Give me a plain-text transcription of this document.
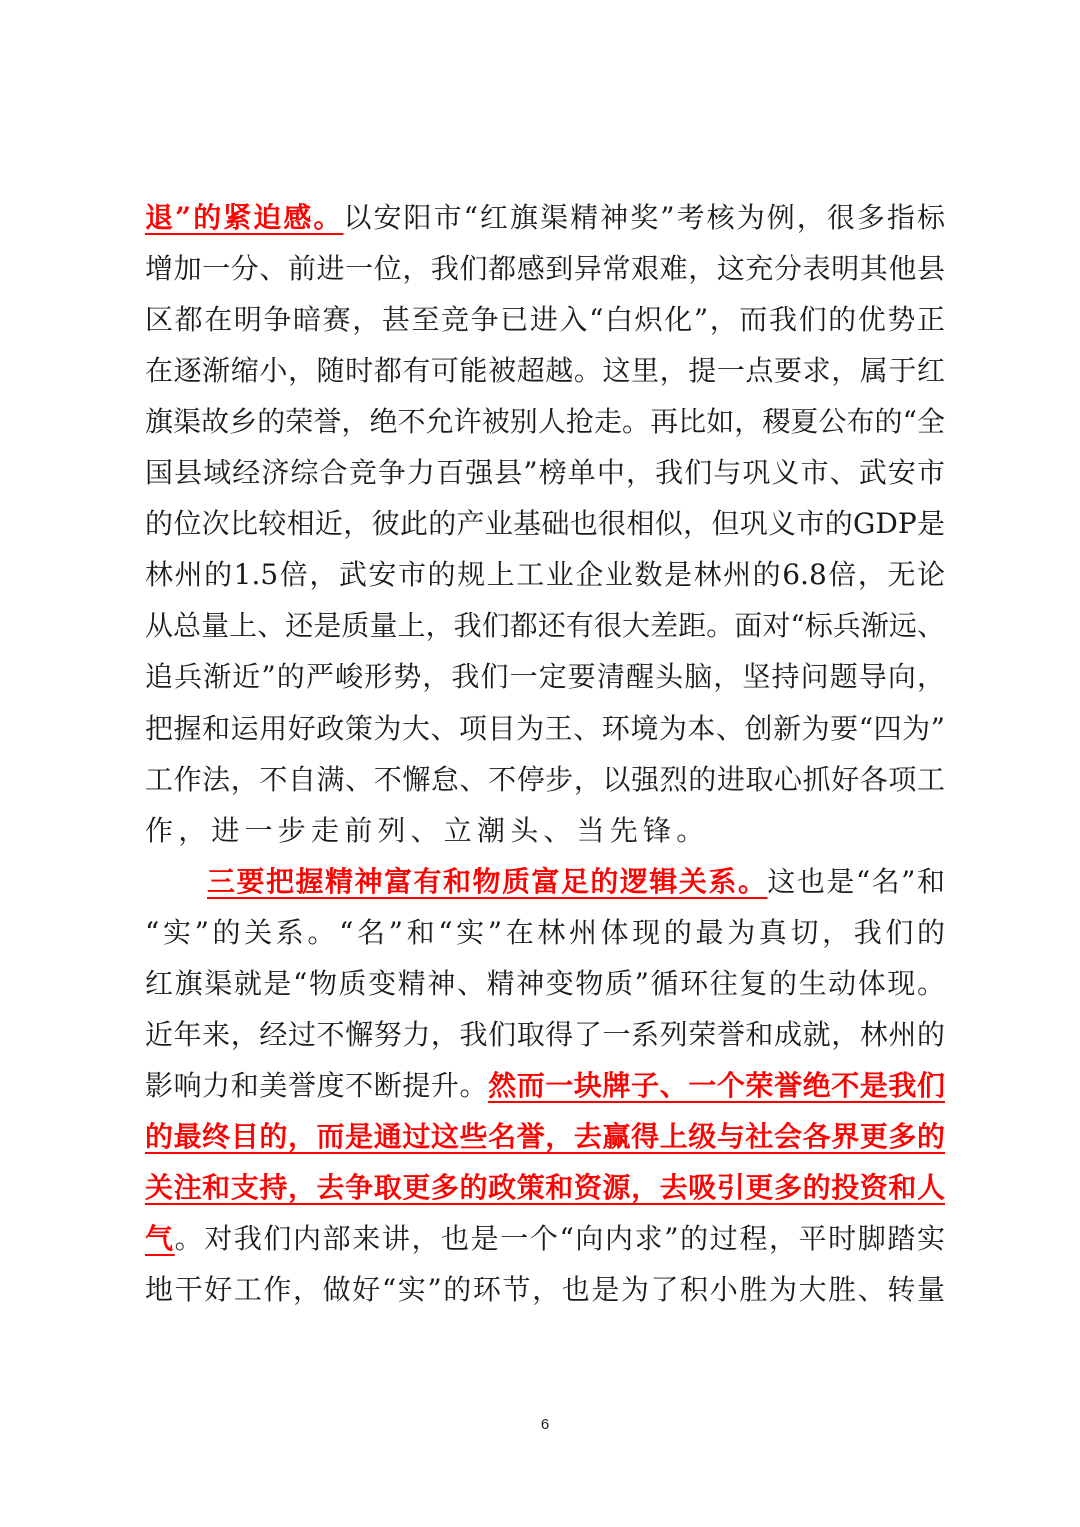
退”的紧迫感。以安阳市“红旗渠精神奖”考核为例，很多指标
增加一分、前进一位，我们都感到异常艰难，这充分表明其他县
区都在明争暗赛，甚至竞争已进入“白炽化”，而我们的优势正
在逐渐缩小，随时都有可能被超越。这里，提一点要求，属于红
旗渠故乡的荣誉，绝不允许被别人抢走。再比如，稷夏公布的“全
国县域经济综合竞争力百强县”榜单中，我们与巩义市、武安市
的位次比较相近，彼此的产业基础也很相似，但巩义市的GDP是
林州的1.5倍，武安市的规上工业企业数是林州的6.8倍，无论
从总量上、还是质量上，我们都还有很大差距。面对“标兵渐远、
追兵渐近”的严峻形势，我们一定要清醒头脑，坚持问题导向，
把握和运用好政策为大、项目为王、环境为本、创新为要“四为”
工作法，不自满、不懈怠、不停步，以强烈的进取心抓好各项工
作，进一步走前列、立潮头、当先锋。
三要把握精神富有和物质富足的逻辑关系。这也是“名”和
“实”的关系。“名”和“实”在林州体现的最为真切，我们的
红旗渠就是“物质变精神、精神变物质”循环往复的生动体现。
近年来，经过不懈努力，我们取得了一系列荣誉和成就，林州的
影响力和美誉度不断提升。然而一块牌子、一个荣誉绝不是我们
的最终目的，而是通过这些名誉，去赢得上级与社会各界更多的
关注和支持，去争取更多的政策和资源，去吸引更多的投资和人
气。对我们内部来讲，也是一个“向内求”的过程，平时脚踏实
地干好工作，做好“实”的环节，也是为了积小胜为大胜、转量
6
